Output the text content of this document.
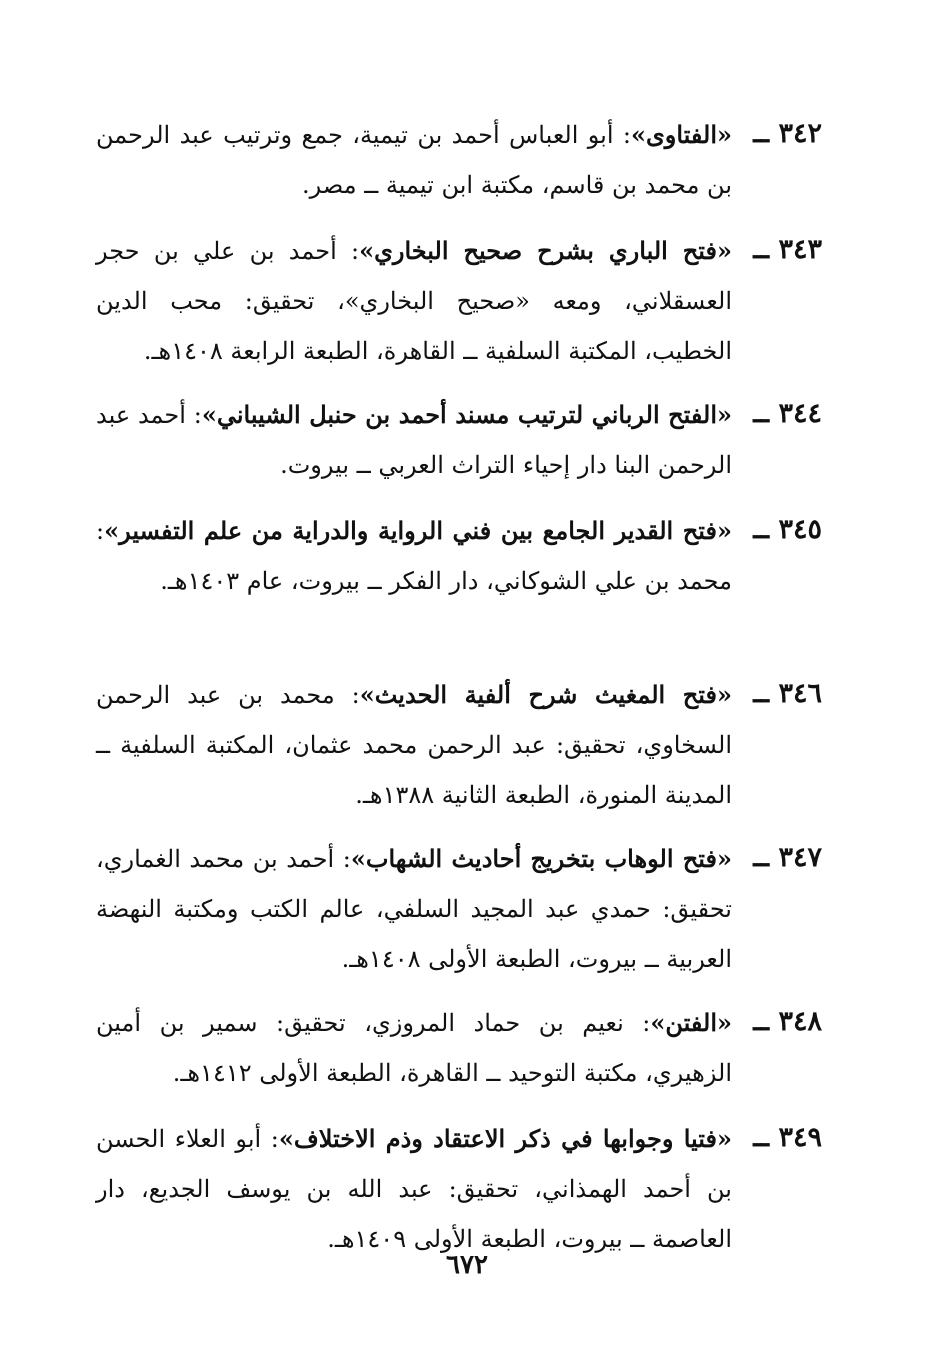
٣٤٢ ــ
«الفتاوى»: أبو العباس أحمد بن تيمية، جمع وترتيب عبد الرحمن بن محمد بن قاسم، مكتبة ابن تيمية ــ مصر.
٣٤٣ ــ
«فتح الباري بشرح صحيح البخاري»: أحمد بن علي بن حجر العسقلاني، ومعه «صحيح البخاري»، تحقيق: محب الدين الخطيب، المكتبة السلفية ــ القاهرة، الطبعة الرابعة ١٤٠٨هـ.
٣٤٤ ــ
«الفتح الرباني لترتيب مسند أحمد بن حنبل الشيباني»: أحمد عبد الرحمن البنا دار إحياء التراث العربي ــ بيروت.
٣٤٥ ــ
«فتح القدير الجامع بين فني الرواية والدراية من علم التفسير»: محمد بن علي الشوكاني، دار الفكر ــ بيروت، عام ١٤٠٣هـ.
٣٤٦ ــ
«فتح المغيث شرح ألفية الحديث»: محمد بن عبد الرحمن السخاوي، تحقيق: عبد الرحمن محمد عثمان، المكتبة السلفية ــ المدينة المنورة، الطبعة الثانية ١٣٨٨هـ.
٣٤٧ ــ
«فتح الوهاب بتخريج أحاديث الشهاب»: أحمد بن محمد الغماري، تحقيق: حمدي عبد المجيد السلفي، عالم الكتب ومكتبة النهضة العربية ــ بيروت، الطبعة الأولى ١٤٠٨هـ.
٣٤٨ ــ
«الفتن»: نعيم بن حماد المروزي، تحقيق: سمير بن أمين الزهيري، مكتبة التوحيد ــ القاهرة، الطبعة الأولى ١٤١٢هـ.
٣٤٩ ــ
«فتيا وجوابها في ذكر الاعتقاد وذم الاختلاف»: أبو العلاء الحسن بن أحمد الهمذاني، تحقيق: عبد الله بن يوسف الجديع، دار العاصمة ــ بيروت، الطبعة الأولى ١٤٠٩هـ.
٦٧٢
